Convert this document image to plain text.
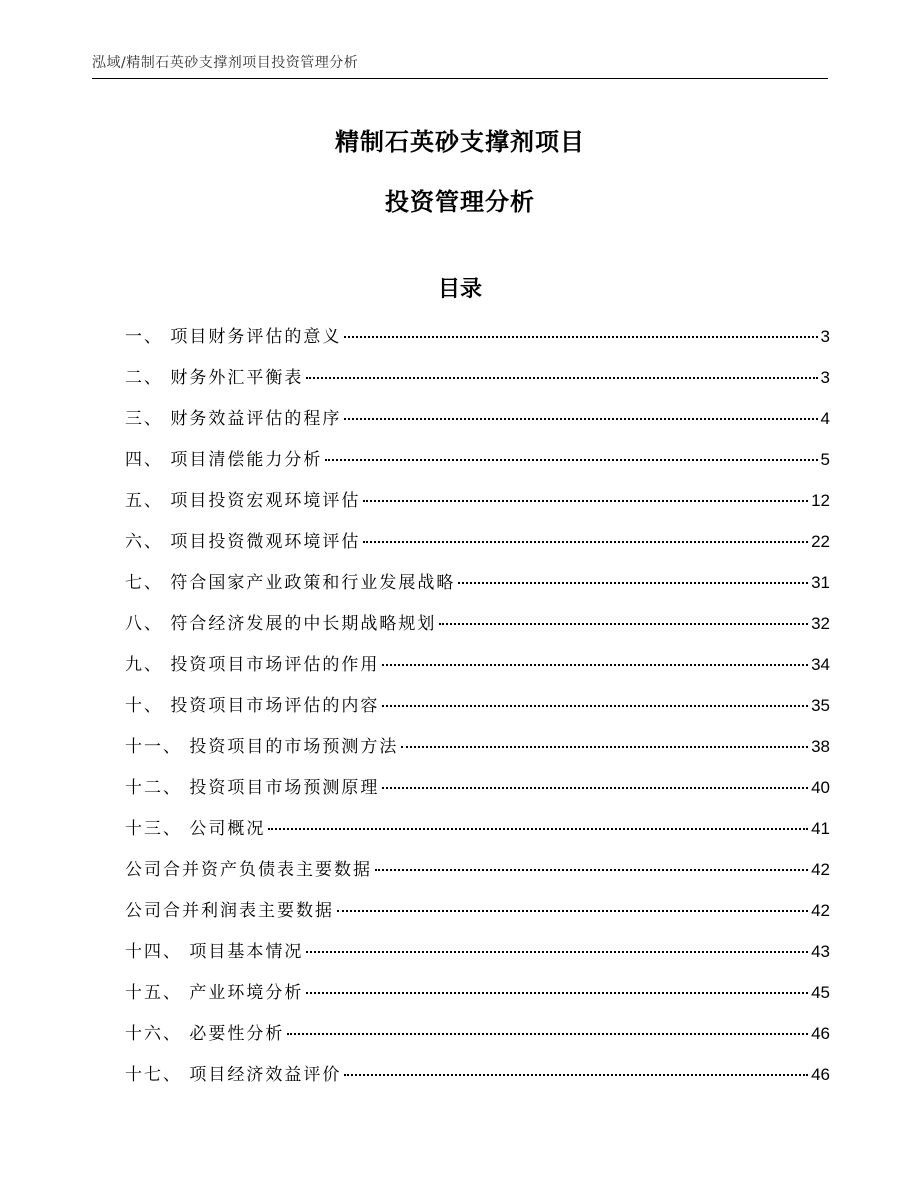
泓域/精制石英砂支撑剂项目投资管理分析
精制石英砂支撑剂项目
投资管理分析
目录
一、 项目财务评估的意义	3
二、 财务外汇平衡表	3
三、 财务效益评估的程序	4
四、 项目清偿能力分析	5
五、 项目投资宏观环境评估	12
六、 项目投资微观环境评估	22
七、 符合国家产业政策和行业发展战略	31
八、 符合经济发展的中长期战略规划	32
九、 投资项目市场评估的作用	34
十、 投资项目市场评估的内容	35
十一、 投资项目的市场预测方法	38
十二、 投资项目市场预测原理	40
十三、 公司概况	41
公司合并资产负债表主要数据	42
公司合并利润表主要数据	42
十四、 项目基本情况	43
十五、 产业环境分析	45
十六、 必要性分析	46
十七、 项目经济效益评价	46
